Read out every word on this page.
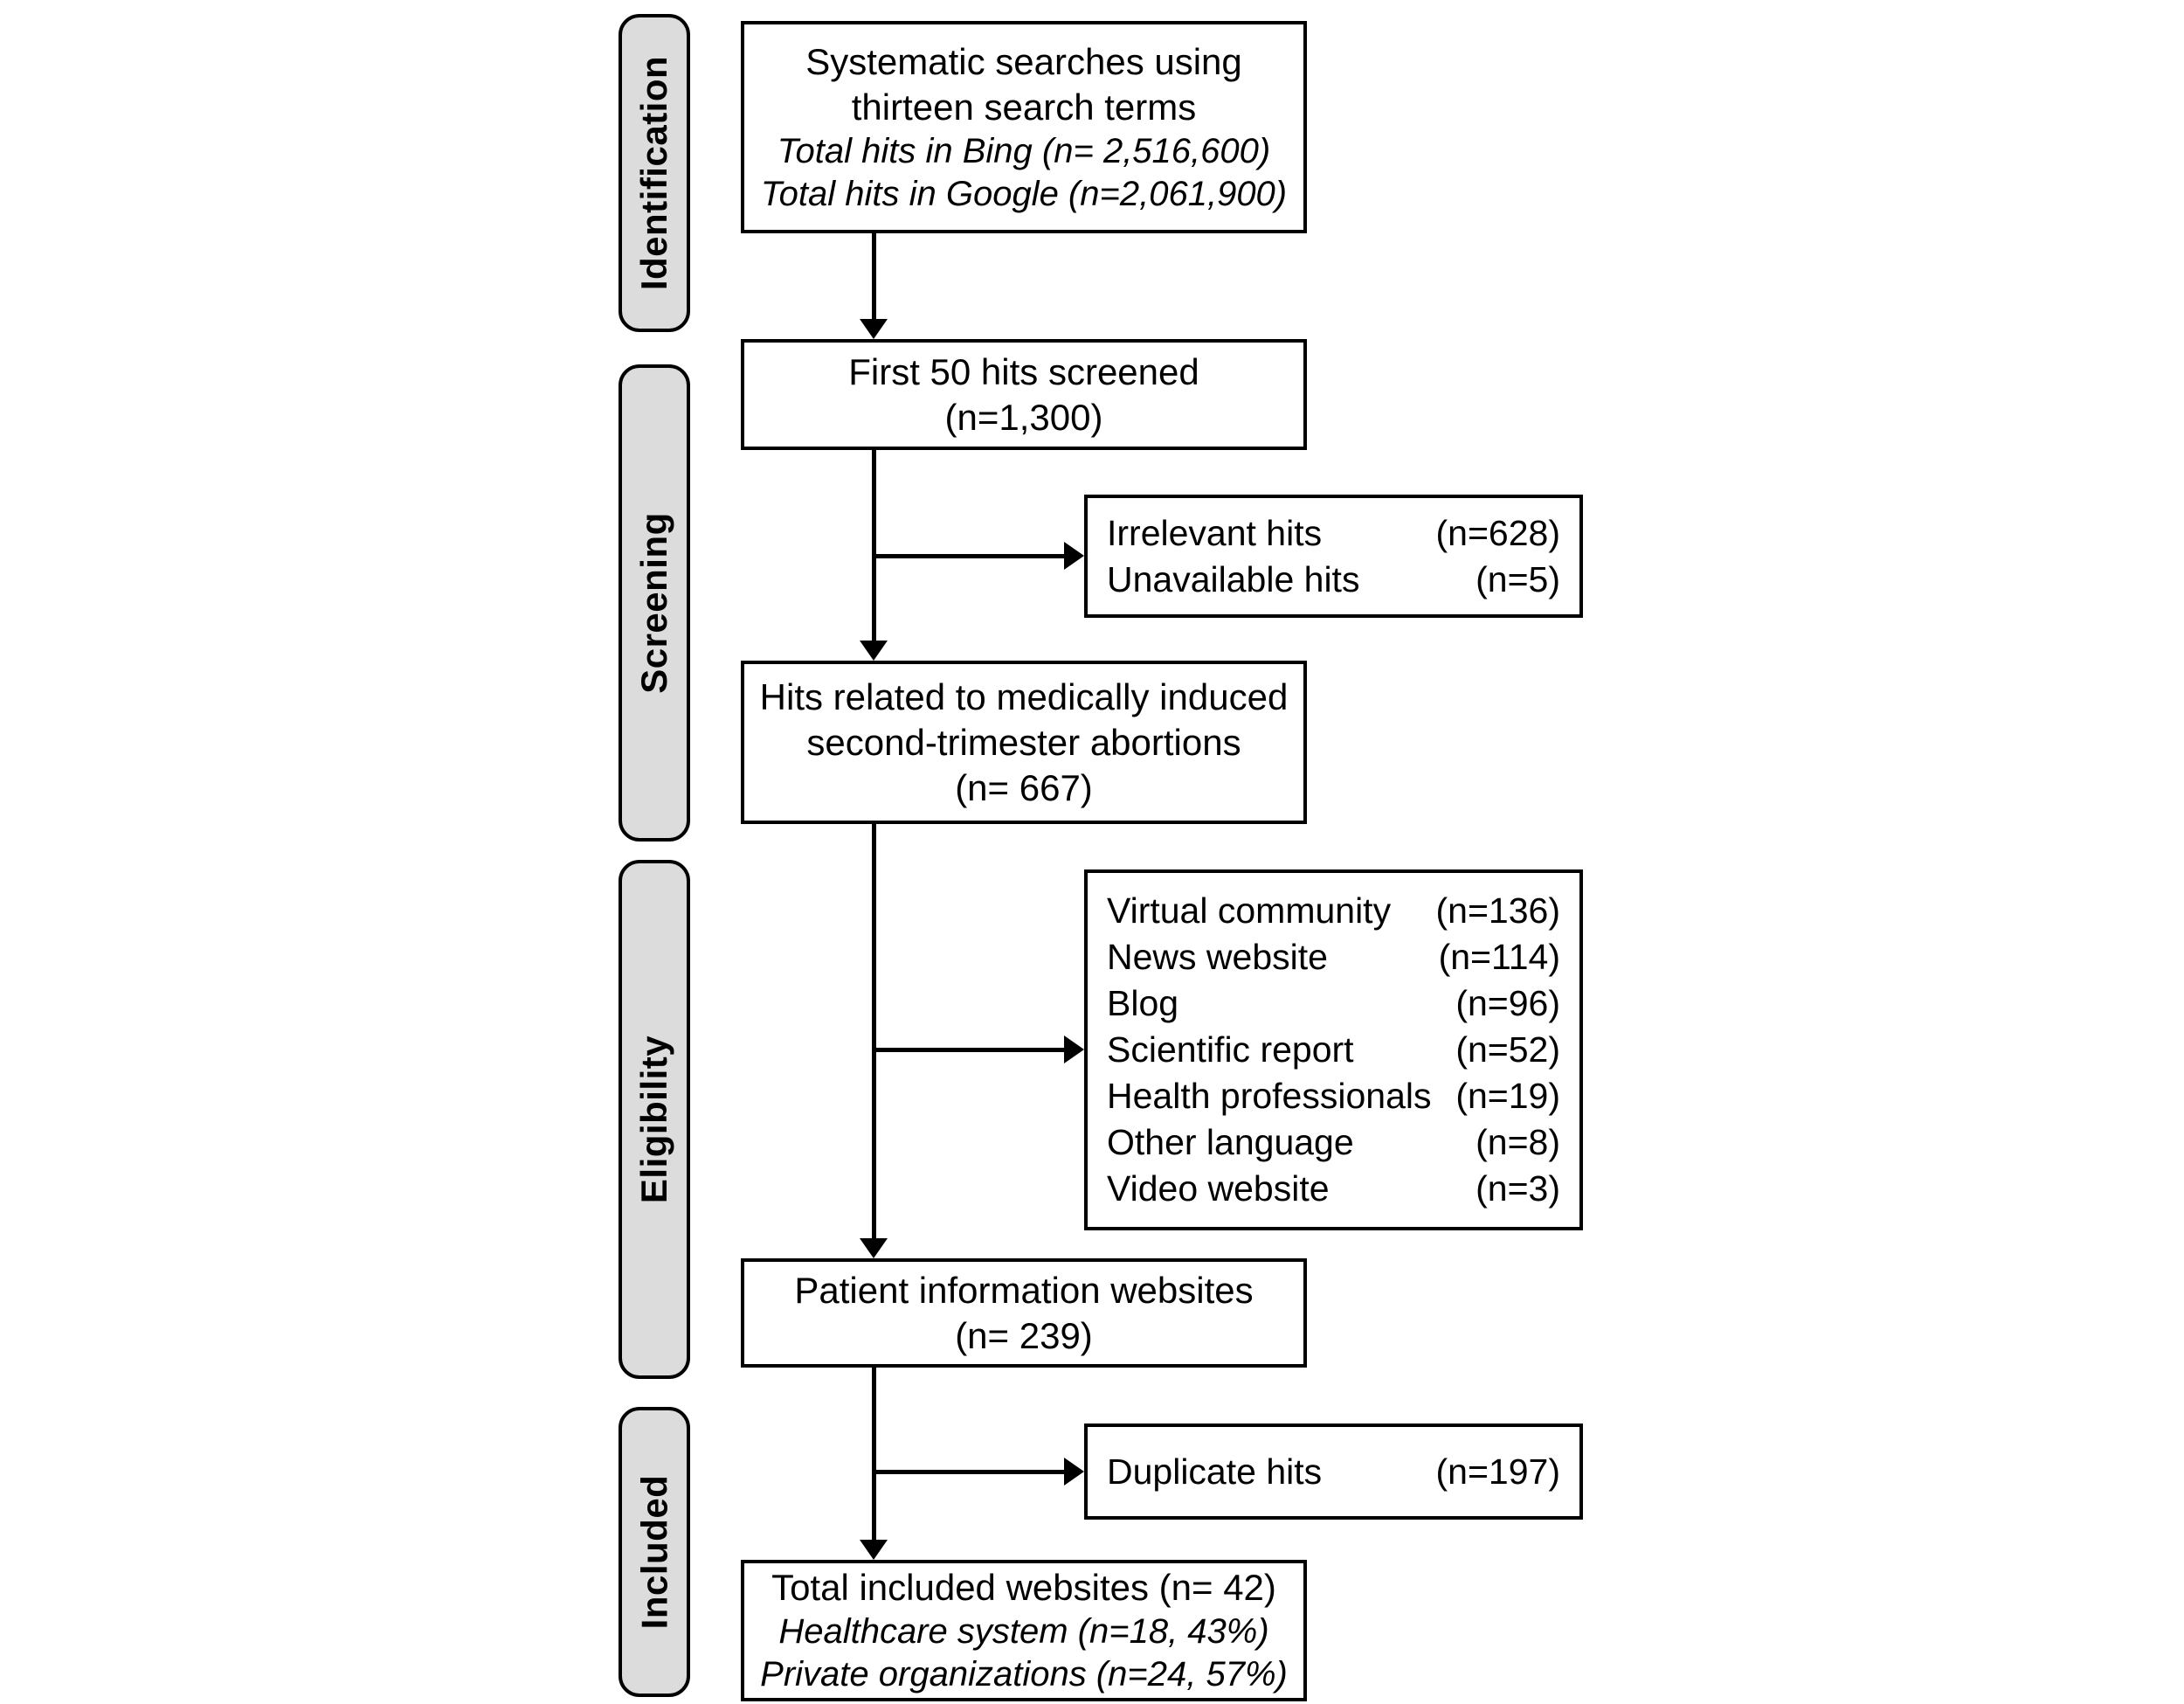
Identification
Screening
Eligibility
Included
Systematic searches using
thirteen search terms
Total hits in Bing (n= 2,516,600)
Total hits in Google (n=2,061,900)
First 50 hits screened
(n=1,300)
Hits related to medically induced
second-trimester abortions
(n= 667)
Patient information websites
(n= 239)
Total included websites (n= 42)
Healthcare system (n=18, 43%)
Private organizations (n=24, 57%)
Irrelevant hits	(n=628)
Unavailable hits	(n=5)
Virtual community (n=136)
News website	(n=114)
Blog	(n=96)
Scientific report	(n=52)
Health professionals (n=19)
Other language	(n=8)
Video website	(n=3)
Duplicate hits	(n=197)
